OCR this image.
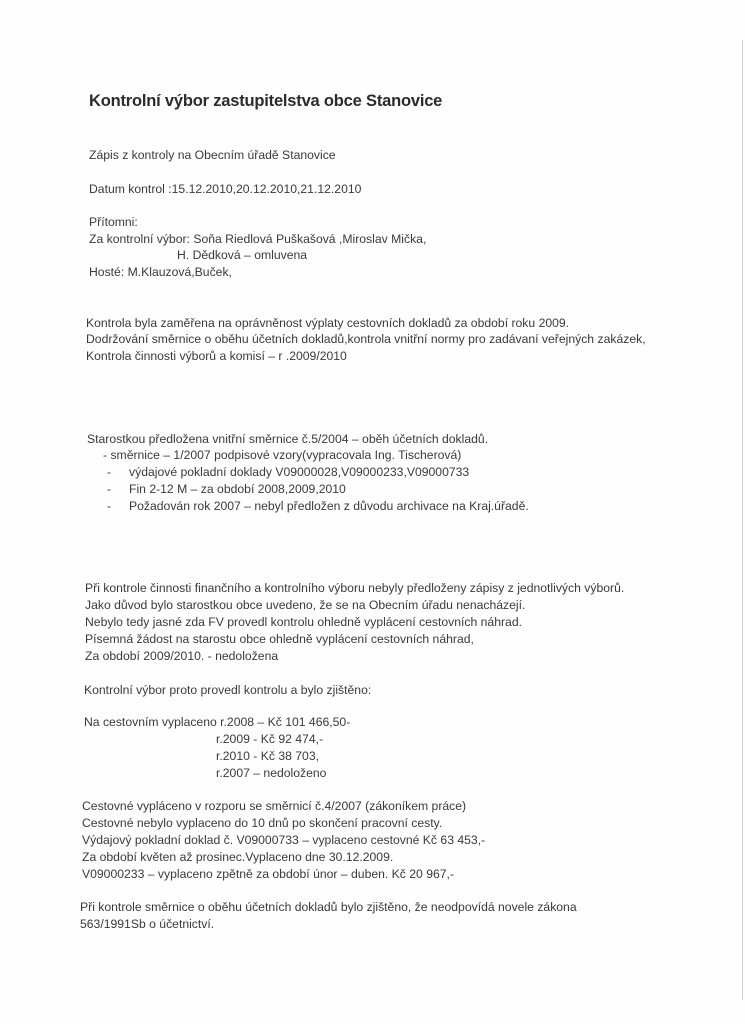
Kontrolní výbor zastupitelstva obce Stanovice
Zápis z kontroly na Obecním úřadě Stanovice
Datum kontrol :15.12.2010,20.12.2010,21.12.2010
Přítomni:
Za kontrolní výbor: Soňa Riedlová Puškašová ,Miroslav Mička,
H. Dědková – omluvena
Hosté: M.Klauzová,Buček,
Kontrola byla zaměřena na oprávněnost výplaty cestovních dokladů za období roku 2009.
Dodržování směrnice o oběhu účetních dokladů,kontrola vnitřní normy pro zadávaní veřejných zakázek,
Kontrola činnosti výborů a komisí – r .2009/2010
Starostkou předložena vnitřní směrnice č.5/2004 – oběh účetních dokladů.
- směrnice – 1/2007 podpisové vzory(vypracovala Ing. Tischerová)
- výdajové pokladní doklady V09000028,V09000233,V09000733
- Fin 2-12 M – za období 2008,2009,2010
- Požadován rok 2007 – nebyl předložen z důvodu archivace na Kraj.úřadě.
Při kontrole činnosti finančního a kontrolního výboru nebyly předloženy zápisy z jednotlivých výborů.
Jako důvod bylo starostkou obce uvedeno, že se na Obecním úřadu nenacházejí.
Nebylo tedy jasné zda FV provedl kontrolu ohledně vyplácení cestovních náhrad.
Písemná žádost na starostu obce ohledně vyplácení cestovních náhrad,
Za období 2009/2010. - nedoložena
Kontrolní výbor proto provedl kontrolu a bylo zjištěno:
Na cestovním vyplaceno r.2008 – Kč 101 466,50-
r.2009 - Kč 92 474,-
r.2010 - Kč 38 703,
r.2007 – nedoloženo
Cestovné vypláceno v rozporu se směrnicí č.4/2007 (zákoníkem práce)
Cestovné nebylo vyplaceno do 10 dnů po skončení pracovní cesty.
Výdajový pokladní doklad č. V09000733 – vyplaceno cestovné Kč 63 453,-
Za období květen až prosinec.Vyplaceno dne 30.12.2009.
V09000233 – vyplaceno zpětně za období únor – duben. Kč 20 967,-
Při kontrole směrnice o oběhu účetních dokladů bylo zjištěno, že neodpovídá novele zákona
563/1991Sb o účetnictví.
